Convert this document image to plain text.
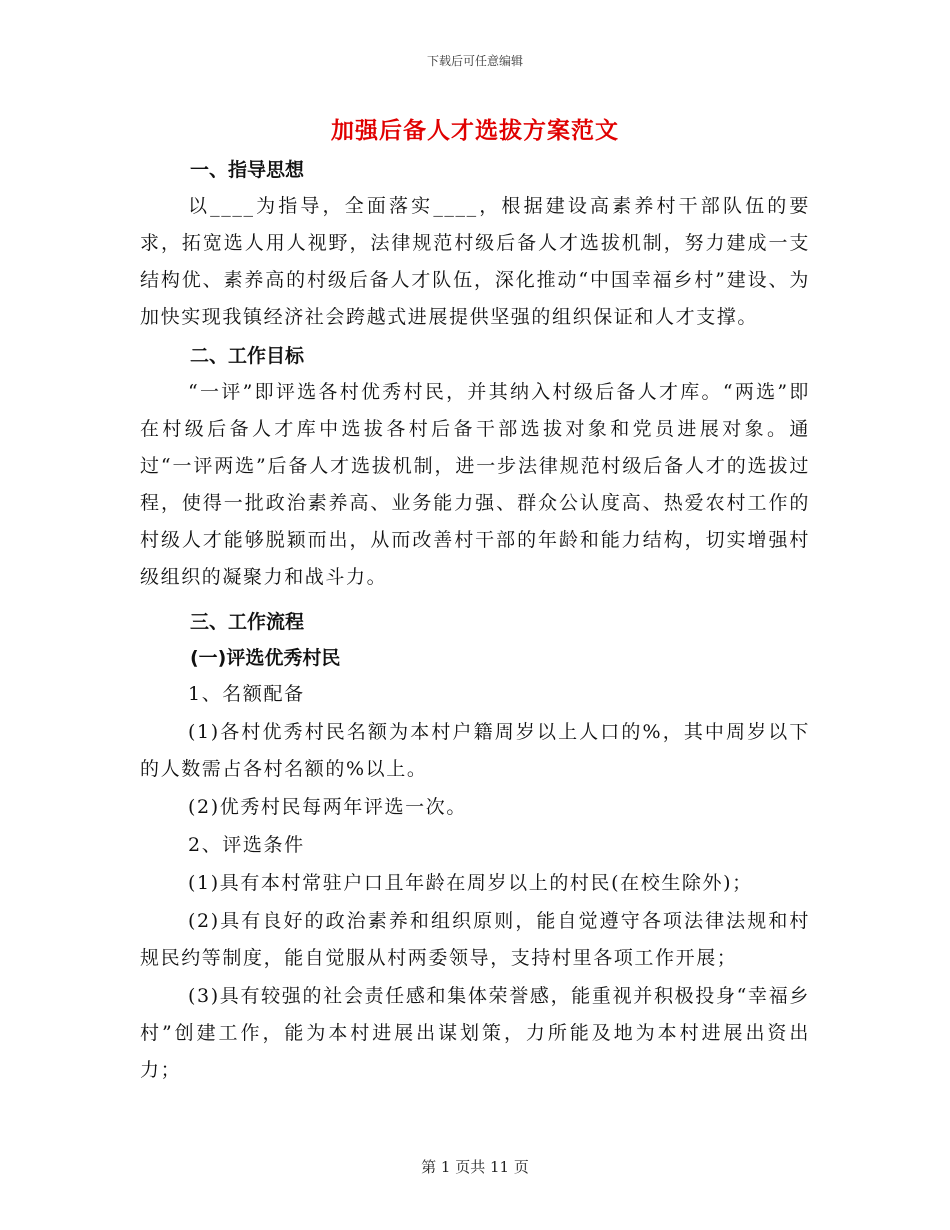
下载后可任意编辑
加强后备人才选拔方案范文
一、指导思想

以____为指导，全面落实____，根据建设高素养村干部队伍的要求，拓宽选人用人视野，法律规范村级后备人才选拔机制，努力建成一支结构优、素养高的村级后备人才队伍，深化推动“中国幸福乡村”建设、为加快实现我镇经济社会跨越式进展提供坚强的组织保证和人才支撑。

二、工作目标

“一评”即评选各村优秀村民，并其纳入村级后备人才库。“两选”即在村级后备人才库中选拔各村后备干部选拔对象和党员进展对象。通过“一评两选”后备人才选拔机制，进一步法律规范村级后备人才的选拔过程，使得一批政治素养高、业务能力强、群众公认度高、热爱农村工作的村级人才能够脱颖而出，从而改善村干部的年龄和能力结构，切实增强村级组织的凝聚力和战斗力。

三、工作流程
(一)评选优秀村民

1、名额配备

(1)各村优秀村民名额为本村户籍周岁以上人口的%，其中周岁以下的人数需占各村名额的%以上。

(2)优秀村民每两年评选一次。

2、评选条件

(1)具有本村常驻户口且年龄在周岁以上的村民(在校生除外)；

(2)具有良好的政治素养和组织原则，能自觉遵守各项法律法规和村规民约等制度，能自觉服从村两委领导，支持村里各项工作开展；

(3)具有较强的社会责任感和集体荣誉感，能重视并积极投身“幸福乡村”创建工作，能为本村进展出谋划策，力所能及地为本村进展出资出力；

第 1 页共 11 页
